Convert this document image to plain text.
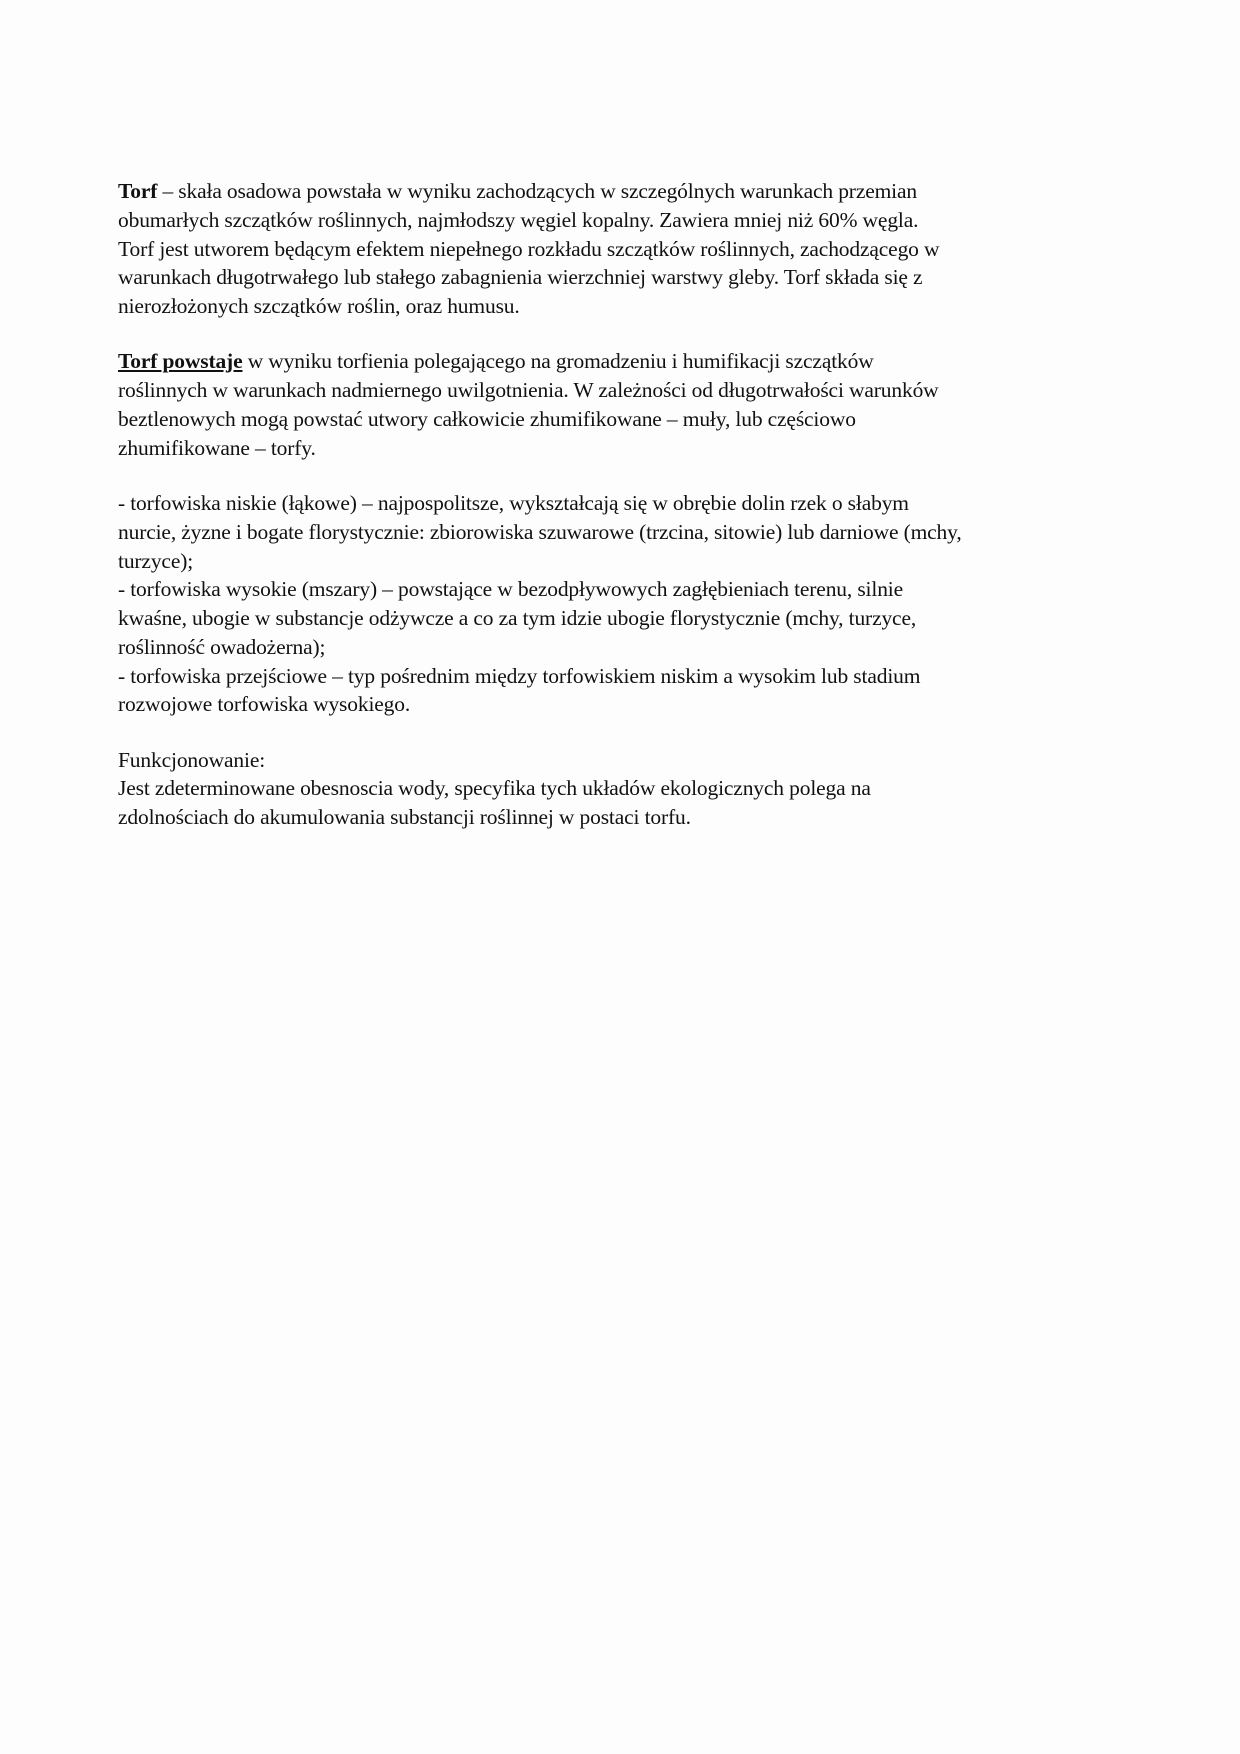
Torf – skała osadowa powstała w wyniku zachodzących w szczególnych warunkach przemian
obumarłych szczątków roślinnych, najmłodszy węgiel kopalny. Zawiera mniej niż 60% węgla.
Torf jest utworem będącym efektem niepełnego rozkładu szczątków roślinnych, zachodzącego w
warunkach długotrwałego lub stałego zabagnienia wierzchniej warstwy gleby. Torf składa się z
nierozłożonych szczątków roślin, oraz humusu.
Torf powstaje w wyniku torfienia polegającego na gromadzeniu i humifikacji szczątków
roślinnych w warunkach nadmiernego uwilgotnienia. W zależności od długotrwałości warunków
beztlenowych mogą powstać utwory całkowicie zhumifikowane – muły, lub częściowo
zhumifikowane – torfy.
- torfowiska niskie (łąkowe) – najpospolitsze, wykształcają się w obrębie dolin rzek o słabym
nurcie, żyzne i bogate florystycznie: zbiorowiska szuwarowe (trzcina, sitowie) lub darniowe (mchy,
turzyce);
- torfowiska wysokie (mszary) – powstające w bezodpływowych zagłębieniach terenu, silnie
kwaśne, ubogie w substancje odżywcze a co za tym idzie ubogie florystycznie (mchy, turzyce,
roślinność owadożerna);
- torfowiska przejściowe – typ pośrednim między torfowiskiem niskim a wysokim lub stadium
rozwojowe torfowiska wysokiego.
Funkcjonowanie:
Jest zdeterminowane obesnoscia wody, specyfika tych układów ekologicznych polega na
zdolnościach do akumulowania substancji roślinnej w postaci torfu.
